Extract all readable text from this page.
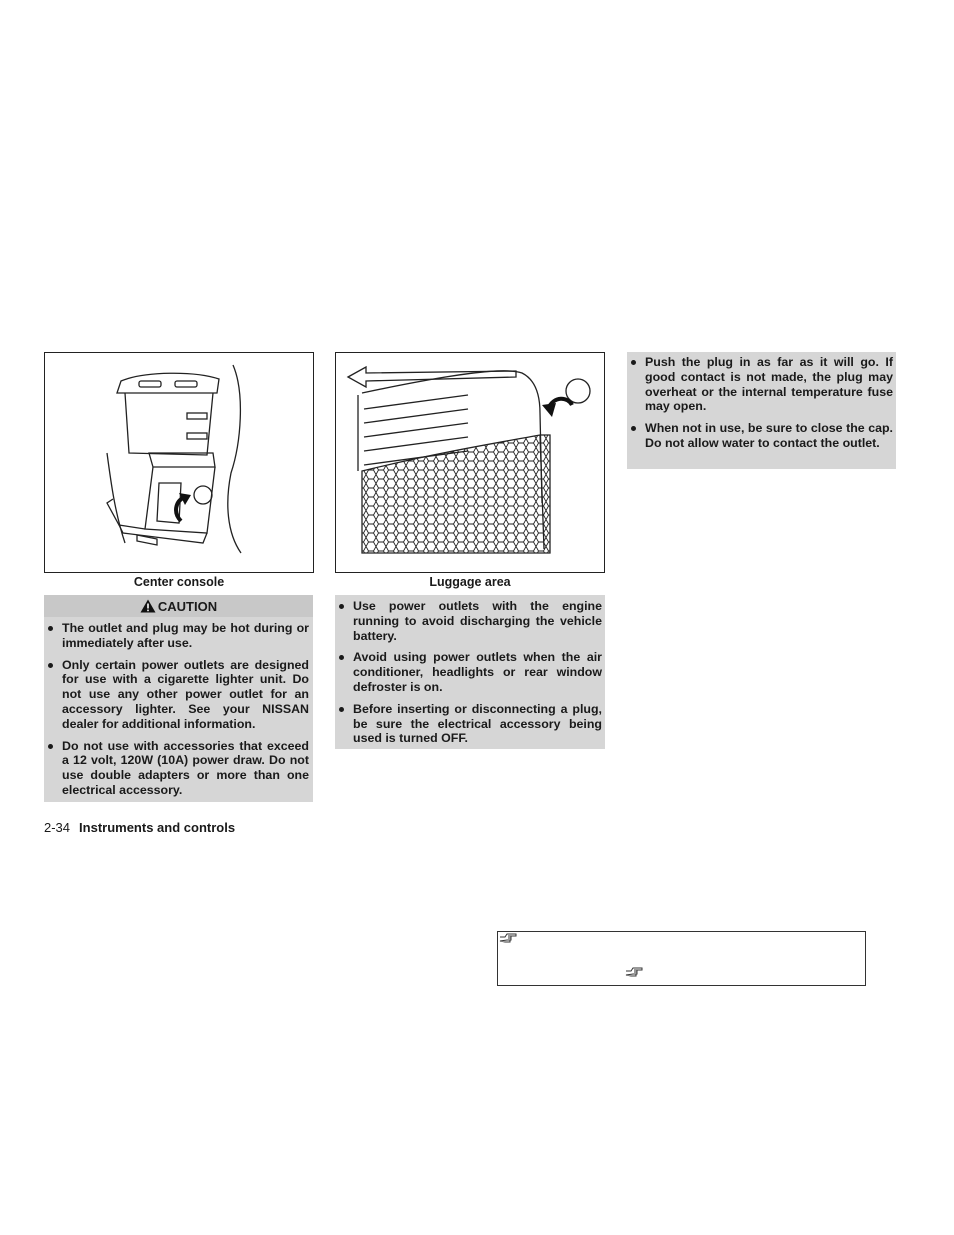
Center console	Luggage area
CAUTION
The outlet and plug may be hot during or immediately after use.
Only certain power outlets are designed for use with a cigarette lighter unit. Do not use any other power outlet for an accessory lighter. See your NISSAN dealer for additional information.
Do not use with accessories that exceed a 12 volt, 120W (10A) power draw. Do not use double adapters or more than one electrical accessory.
Use power outlets with the engine running to avoid discharging the vehicle battery.
Avoid using power outlets when the air conditioner, headlights or rear window defroster is on.
Before inserting or disconnecting a plug, be sure the electrical accessory being used is turned OFF.
Push the plug in as far as it will go. If good contact is not made, the plug may overheat or the internal temperature fuse may open.
When not in use, be sure to close the cap. Do not allow water to contact the outlet.
2-34 Instruments and controls
